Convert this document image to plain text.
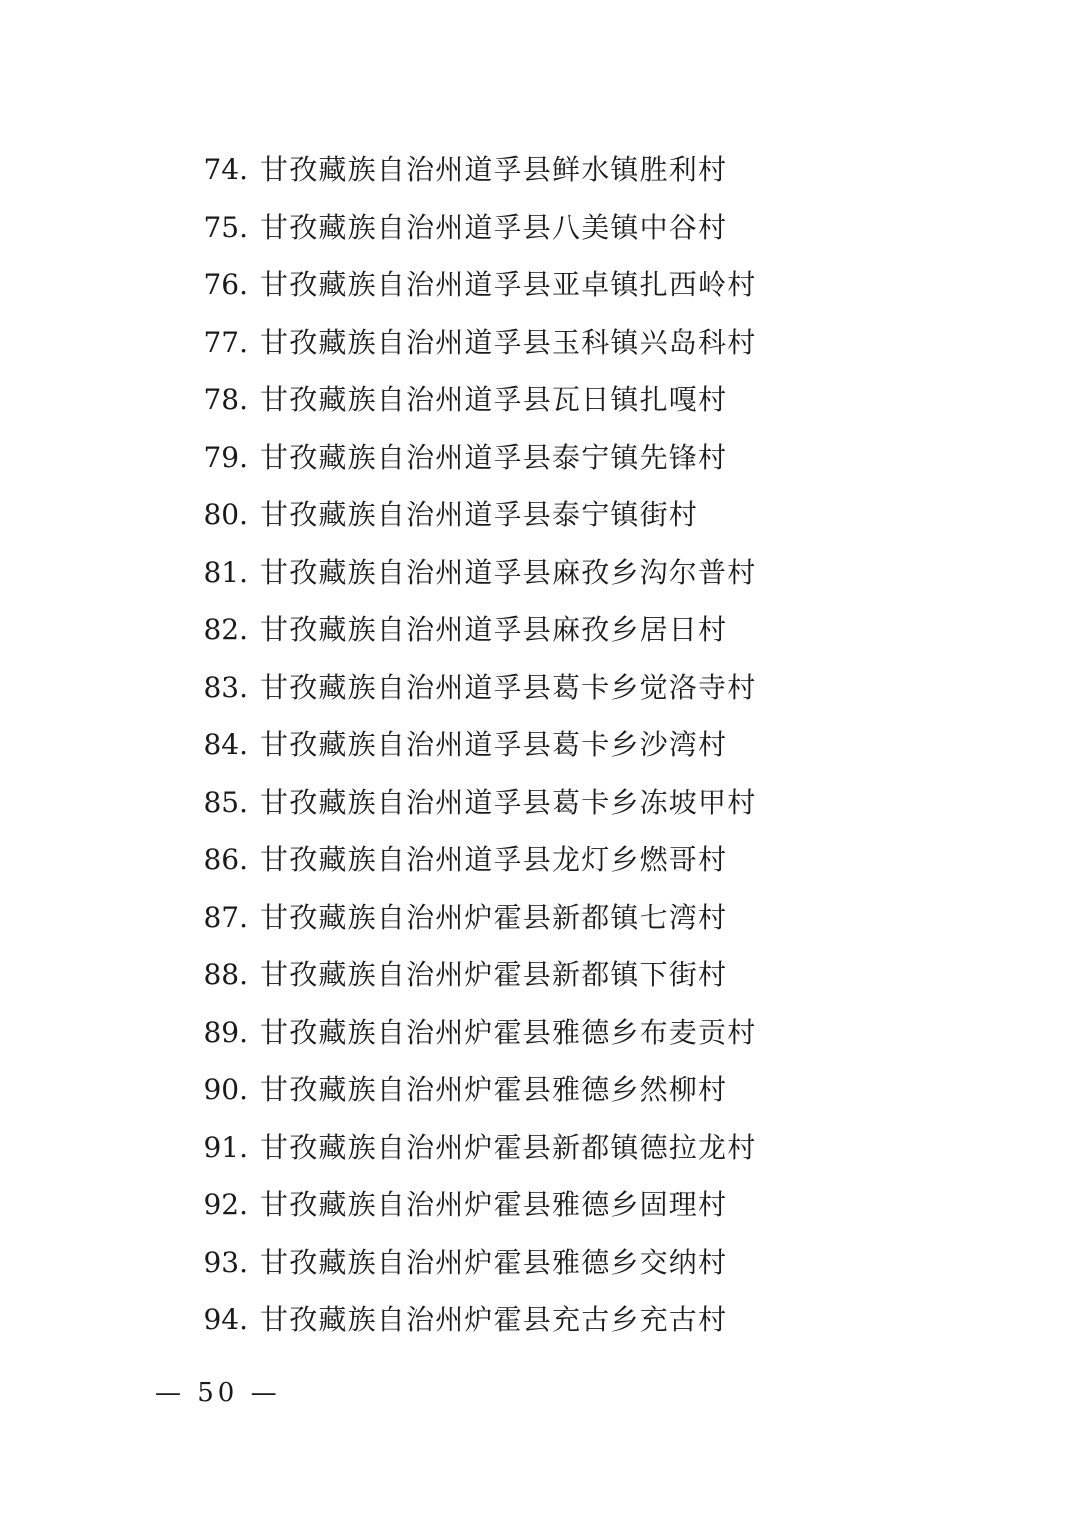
74. 甘孜藏族自治州道孚县鲜水镇胜利村
75. 甘孜藏族自治州道孚县八美镇中谷村
76. 甘孜藏族自治州道孚县亚卓镇扎西岭村
77. 甘孜藏族自治州道孚县玉科镇兴岛科村
78. 甘孜藏族自治州道孚县瓦日镇扎嘎村
79. 甘孜藏族自治州道孚县泰宁镇先锋村
80. 甘孜藏族自治州道孚县泰宁镇街村
81. 甘孜藏族自治州道孚县麻孜乡沟尔普村
82. 甘孜藏族自治州道孚县麻孜乡居日村
83. 甘孜藏族自治州道孚县葛卡乡觉洛寺村
84. 甘孜藏族自治州道孚县葛卡乡沙湾村
85. 甘孜藏族自治州道孚县葛卡乡冻坡甲村
86. 甘孜藏族自治州道孚县龙灯乡燃哥村
87. 甘孜藏族自治州炉霍县新都镇七湾村
88. 甘孜藏族自治州炉霍县新都镇下街村
89. 甘孜藏族自治州炉霍县雅德乡布麦贡村
90. 甘孜藏族自治州炉霍县雅德乡然柳村
91. 甘孜藏族自治州炉霍县新都镇德拉龙村
92. 甘孜藏族自治州炉霍县雅德乡固理村
93. 甘孜藏族自治州炉霍县雅德乡交纳村
94. 甘孜藏族自治州炉霍县充古乡充古村
— 50 —
